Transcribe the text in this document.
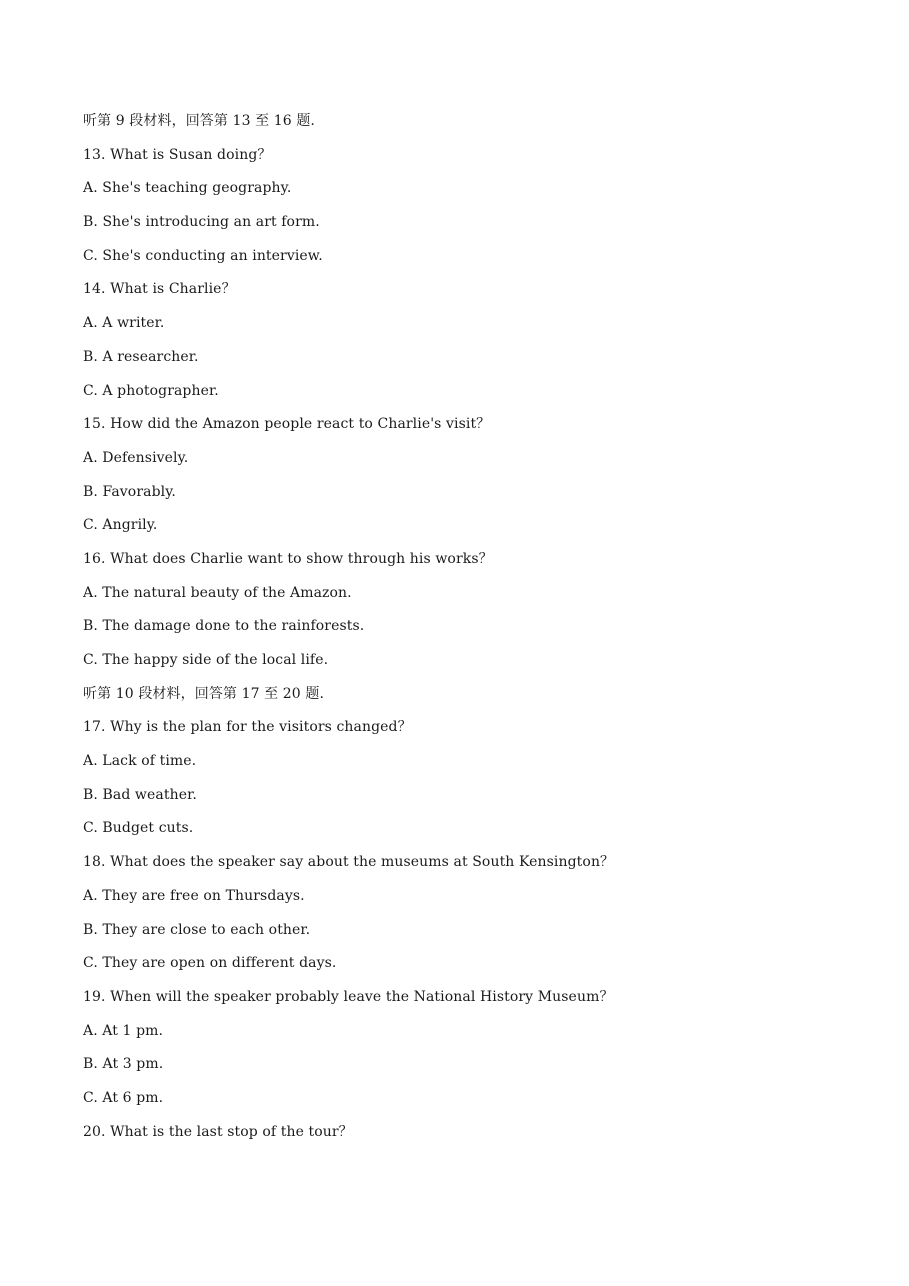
听第 9 段材料，回答第 13 至 16 题.
13. What is Susan doing？
A. She's teaching geography.
B. She's introducing an art form.
C. She's conducting an interview.
14. What is Charlie？
A. A writer.
B. A researcher.
C. A photographer.
15. How did the Amazon people react to Charlie's visit？
A. Defensively.
B. Favorably.
C. Angrily.
16. What does Charlie want to show through his works？
A. The natural beauty of the Amazon.
B. The damage done to the rainforests.
C. The happy side of the local life.
听第 10 段材料，回答第 17 至 20 题.
17. Why is the plan for the visitors changed？
A. Lack of time.
B. Bad weather.
C. Budget cuts.
18. What does the speaker say about the museums at South Kensington？
A. They are free on Thursdays.
B. They are close to each other.
C. They are open on different days.
19. When will the speaker probably leave the National History Museum？
A. At 1 pm.
B. At 3 pm.
C. At 6 pm.
20. What is the last stop of the tour？
